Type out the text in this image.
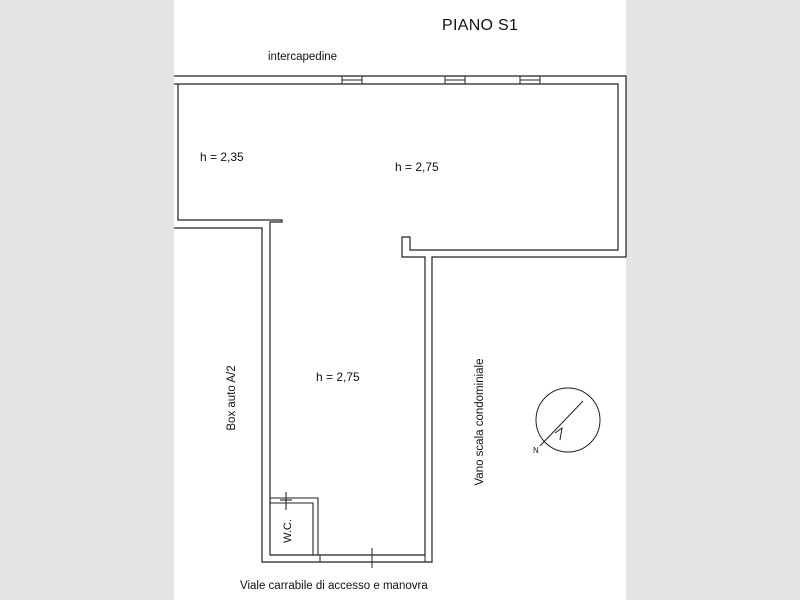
PIANO S1
intercapedine
h = 2,35
h = 2,75
h = 2,75
Box auto A/2	Vano scala condominiale
W.C.
Viale carrabile di accesso e manovra
N
